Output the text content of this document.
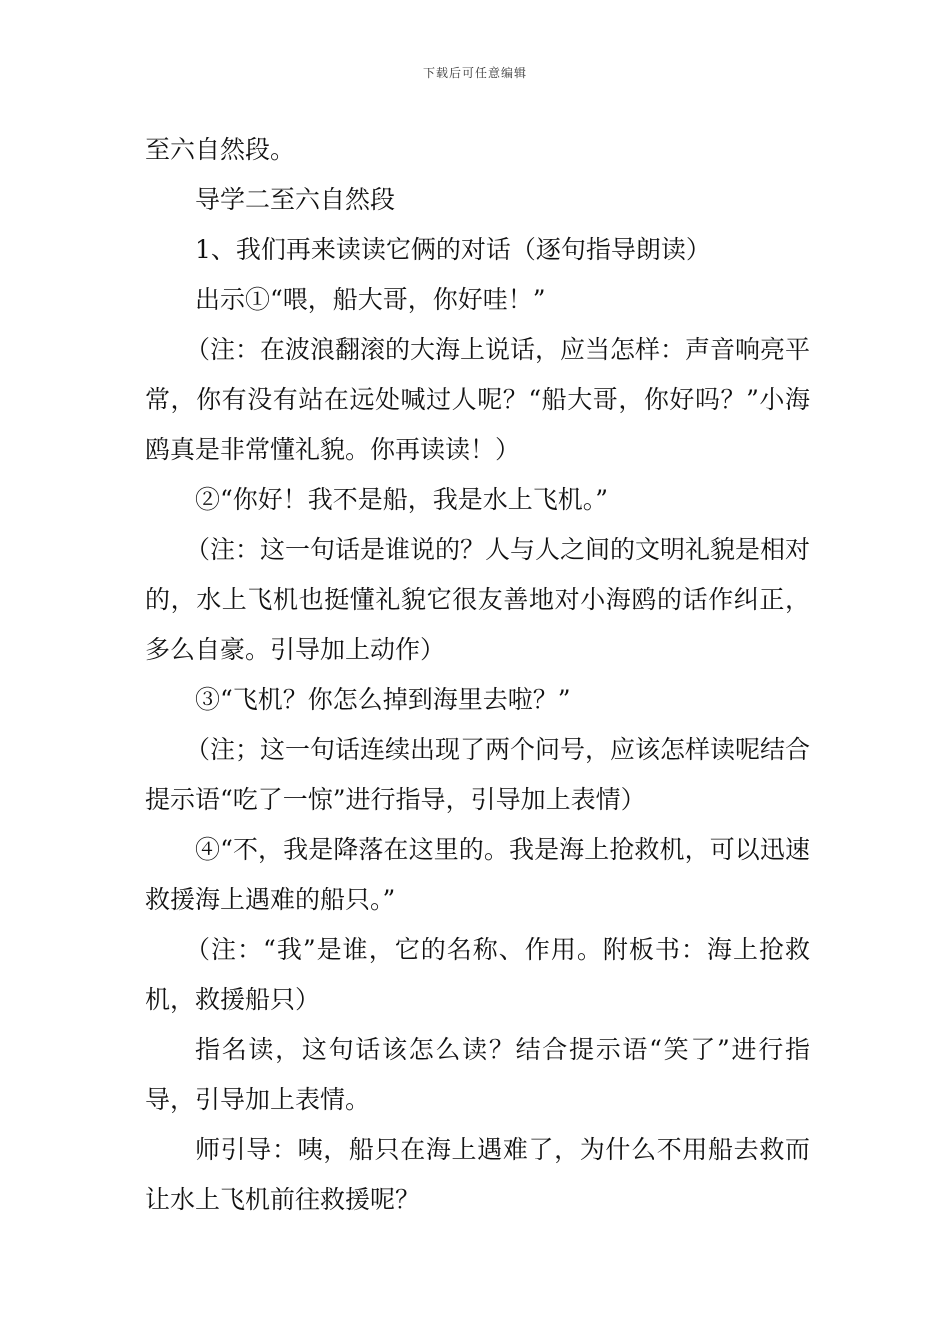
下载后可任意编辑

至六自然段。

导学二至六自然段

1、我们再来读读它俩的对话（逐句指导朗读）

出示①“喂，船大哥，你好哇！”

（注：在波浪翻滚的大海上说话，应当怎样：声音响亮平常，你有没有站在远处喊过人呢？“船大哥，你好吗？”小海鸥真是非常懂礼貌。你再读读！）

②“你好！我不是船，我是水上飞机。”

（注：这一句话是谁说的？人与人之间的文明礼貌是相对的，水上飞机也挺懂礼貌它很友善地对小海鸥的话作纠正，多么自豪。引导加上动作）

③“飞机？你怎么掉到海里去啦？”

（注；这一句话连续出现了两个问号，应该怎样读呢结合提示语“吃了一惊”进行指导，引导加上表情）

④“不，我是降落在这里的。我是海上抢救机，可以迅速救援海上遇难的船只。”

（注：“我”是谁，它的名称、作用。附板书：海上抢救机，救援船只）

指名读，这句话该怎么读？结合提示语“笑了”进行指导，引导加上表情。

师引导：咦，船只在海上遇难了，为什么不用船去救而让水上飞机前往救援呢？
